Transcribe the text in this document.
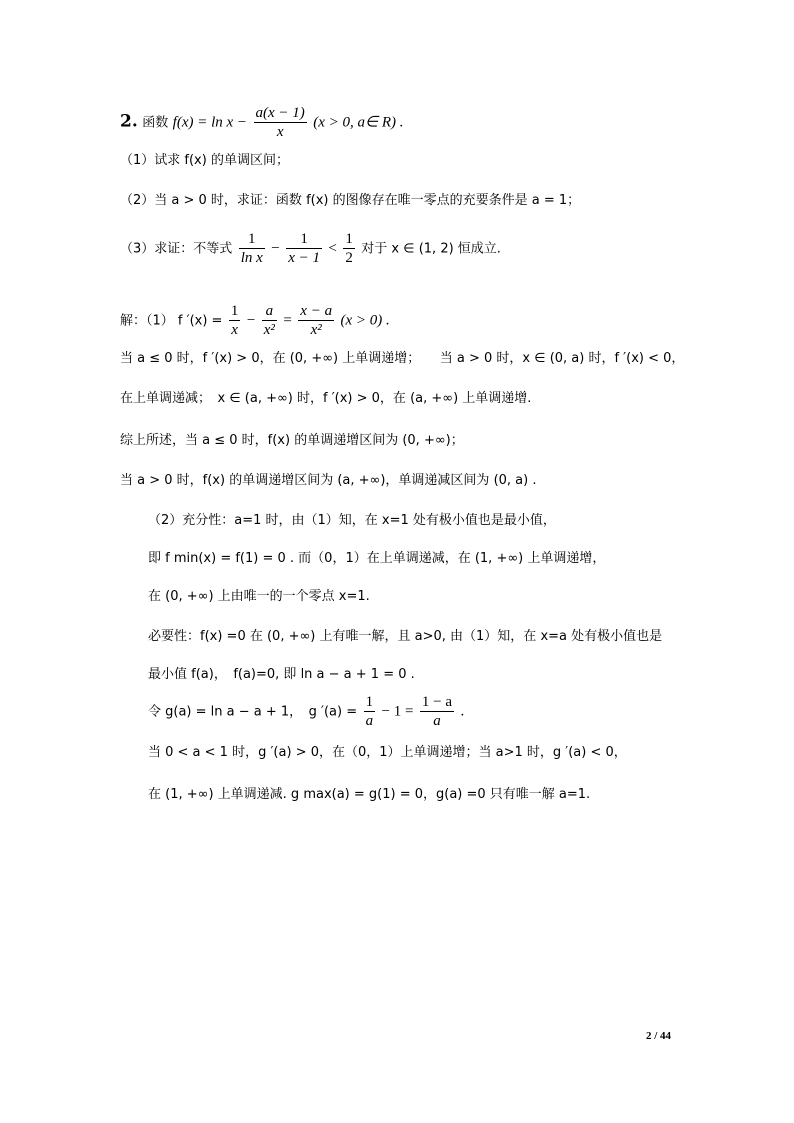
2. 函数 $f(x) = \ln x - \frac{a(x - 1)}{x} (x > 0$, a∈ R) .
（1）试求 f(x) 的单调区间；
（2）当 a > 0 时，求证：函数 f(x) 的图像存在唯一零点的充要条件是 a = 1；
（3）求证：不等式 $\frac{1}{\text{ln x}} - \frac{1}{x - 1} < \frac{1}{2}$ 对于 x ∈ (1, 2) 恒成立.
解：（1） f $'(x) = \frac{1}{x} - \frac{a}{\text{x²}} = \frac{x - a}{\text{x²}} (x > 0)$ .
当 a ≤ 0 时，f ′(x) > 0，在 (0, +∞) 上单调递增；　　当 a > 0 时，x ∈ (0, a) 时，f ′(x) < 0，
在上单调递减；　x ∈ (a, +∞) 时，f ′(x) > 0，在 (a, +∞) 上单调递增.
综上所述，当 a ≤ 0 时，f(x) 的单调递增区间为 (0, +∞)；
当 a > 0 时，f(x) 的单调递增区间为 (a, +∞)，单调递减区间为 (0, a) .
（2）充分性：a=1 时，由（1）知，在 x=1 处有极小值也是最小值，
即 f min(x) = f(1) = 0 . 而（0，1）在上单调递减，在 (1, +∞) 上单调递增，
在 (0, +∞) 上由唯一的一个零点 x=1.
必要性：f(x) =0 在 (0, +∞) 上有唯一解，且 a>0, 由（1）知，在 x=a 处有极小值也是
最小值 f(a)，　f(a)=0, 即 ln a − a + 1 = 0 .
令 g(a) = ln a − a + 1，　g $'(a) = \frac{1}{a} - 1 = \frac{1 - a}{a}$ .
当 0 < a < 1 时，g ′(a) > 0，在（0，1）上单调递增；当 a>1 时，g ′(a) < 0，
在 (1, +∞) 上单调递减. g max(a) = g(1) = 0，g(a) =0 只有唯一解 a=1.
2 / 44
